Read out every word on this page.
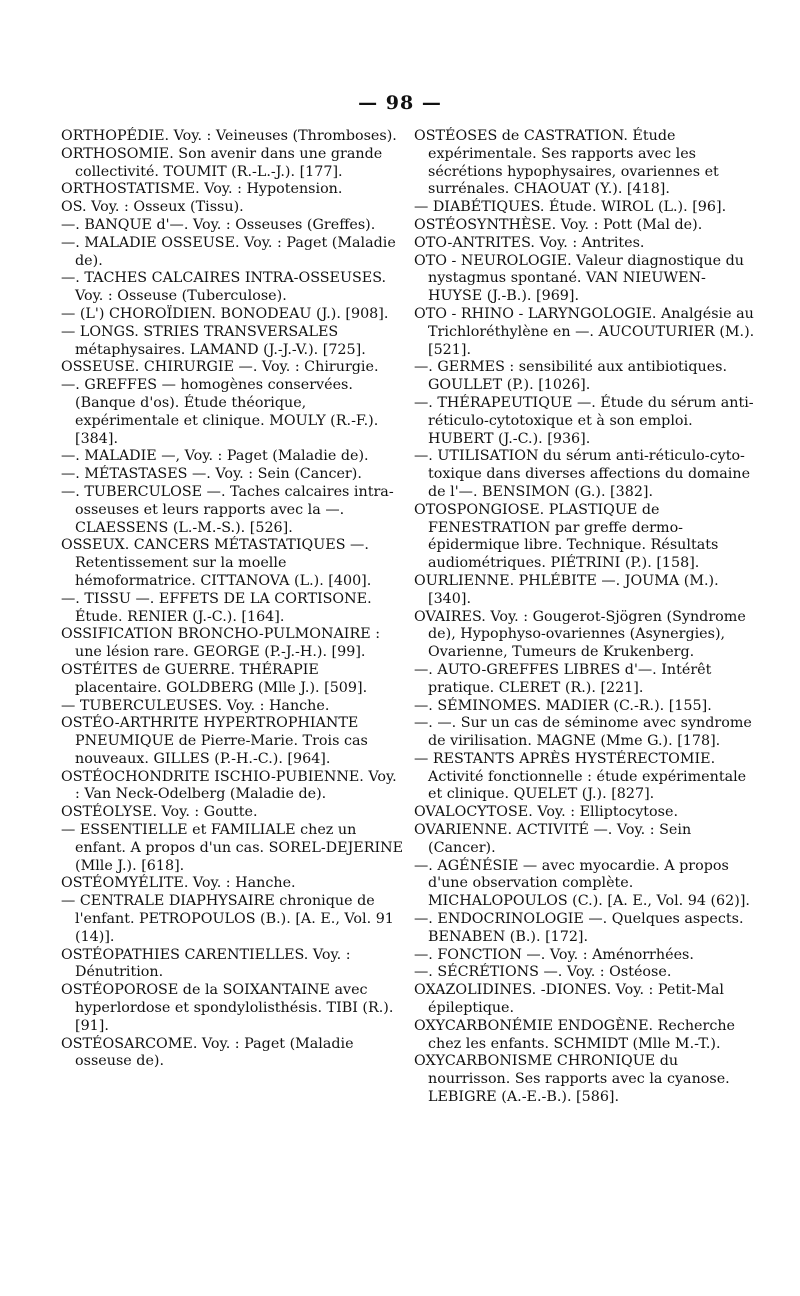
— 98 —

ORTHOPÉDIE. Voy. : Veineuses (Thromboses).

ORTHOSOMIE. Son avenir dans une grande collectivité. TOUMIT (R.-L.-J.). [177].

ORTHOSTATISME. Voy. : Hypotension.

OS. Voy. : Osseux (Tissu).

—. BANQUE d'—. Voy. : Osseuses (Greffes).

—. MALADIE OSSEUSE. Voy. : Paget (Maladie de).

—. TACHES CALCAIRES INTRA-OSSEUSES. Voy. : Osseuse (Tuberculose).

— (L') CHOROÏDIEN. BONODEAU (J.). [908].

— LONGS. STRIES TRANSVERSALES métaphysaires. LAMAND (J.-J.-V.). [725].

OSSEUSE. CHIRURGIE —. Voy. : Chirurgie.

—. GREFFES — homogènes conservées. (Banque d'os). Étude théorique, expérimentale et clinique. MOULY (R.-F.). [384].

—. MALADIE —, Voy. : Paget (Maladie de).

—. MÉTASTASES —. Voy. : Sein (Cancer).

—. TUBERCULOSE —. Taches calcaires intra-osseuses et leurs rapports avec la —. CLAESSENS (L.-M.-S.). [526].

OSSEUX. CANCERS MÉTASTATIQUES —. Retentissement sur la moelle hémoformatrice. CITTANOVA (L.). [400].

—. TISSU —. EFFETS DE LA CORTISONE. Étude. RENIER (J.-C.). [164].

OSSIFICATION BRONCHO-PULMONAIRE : une lésion rare. GEORGE (P.-J.-H.). [99].

OSTÉITES de GUERRE. THÉRAPIE placentaire. GOLDBERG (Mlle J.). [509].

— TUBERCULEUSES. Voy. : Hanche.

OSTÉO-ARTHRITE HYPERTROPHIANTE PNEUMIQUE de Pierre-Marie. Trois cas nouveaux. GILLES (P.-H.-C.). [964].

OSTÉOCHONDRITE ISCHIO-PUBIENNE. Voy. : Van Neck-Odelberg (Maladie de).

OSTÉOLYSE. Voy. : Goutte.

— ESSENTIELLE et FAMILIALE chez un enfant. A propos d'un cas. SOREL-DEJERINE (Mlle J.). [618].

OSTÉOMYÉLITE. Voy. : Hanche.

— CENTRALE DIAPHYSAIRE chronique de l'enfant. PETROPOULOS (B.). [A. E., Vol. 91 (14)].

OSTÉOPATHIES CARENTIELLES. Voy. : Dénutrition.

OSTÉOPOROSE de la SOIXANTAINE avec hyperlordose et spondylolisthésis. TIBI (R.). [91].

OSTÉOSARCOME. Voy. : Paget (Maladie osseuse de).

OSTÉOSES de CASTRATION. Étude expérimentale. Ses rapports avec les sécrétions hypophysaires, ovariennes et surrénales. CHAOUAT (Y.). [418].

— DIABÉTIQUES. Étude. WIROL (L.). [96].

OSTÉOSYNTHÈSE. Voy. : Pott (Mal de).

OTO-ANTRITES. Voy. : Antrites.

OTO - NEUROLOGIE. Valeur diagnostique du nystagmus spontané. VAN NIEUWEN-HUYSE (J.-B.). [969].

OTO - RHINO - LARYNGOLOGIE. Analgésie au Trichloréthylène en —. AUCOUTURIER (M.). [521].

—. GERMES : sensibilité aux antibiotiques. GOULLET (P.). [1026].

—. THÉRAPEUTIQUE —. Étude du sérum anti-réticulo-cytotoxique et à son emploi. HUBERT (J.-C.). [936].

—. UTILISATION du sérum anti-réticulo-cyto-toxique dans diverses affections du domaine de l'—. BENSIMON (G.). [382].

OTOSPONGIOSE. PLASTIQUE de FENESTRATION par greffe dermo-épidermique libre. Technique. Résultats audiométriques. PIÉTRINI (P.). [158].

OURLIENNE. PHLÉBITE —. JOUMA (M.). [340].

OVAIRES. Voy. : Gougerot-Sjögren (Syndrome de), Hypophyso-ovariennes (Asynergies), Ovarienne, Tumeurs de Krukenberg.

—. AUTO-GREFFES LIBRES d'—. Intérêt pratique. CLERET (R.). [221].

—. SÉMINOMES. MADIER (C.-R.). [155].

—. —. Sur un cas de séminome avec syndrome de virilisation. MAGNE (Mme G.). [178].

— RESTANTS APRÈS HYSTÉRECTOMIE. Activité fonctionnelle : étude expérimentale et clinique. QUELET (J.). [827].

OVALOCYTOSE. Voy. : Elliptocytose.

OVARIENNE. ACTIVITÉ —. Voy. : Sein (Cancer).

—. AGÉNÉSIE — avec myocardie. A propos d'une observation complète. MICHALOPOULOS (C.). [A. E., Vol. 94 (62)].

—. ENDOCRINOLOGIE —. Quelques aspects. BENABEN (B.). [172].

—. FONCTION —. Voy. : Aménorrhées.

—. SÉCRÉTIONS —. Voy. : Ostéose.

OXAZOLIDINES. -DIONES. Voy. : Petit-Mal épileptique.

OXYCARBONÉMIE ENDOGÈNE. Recherche chez les enfants. SCHMIDT (Mlle M.-T.).

OXYCARBONISME CHRONIQUE du nourrisson. Ses rapports avec la cyanose. LEBIGRE (A.-E.-B.). [586].
